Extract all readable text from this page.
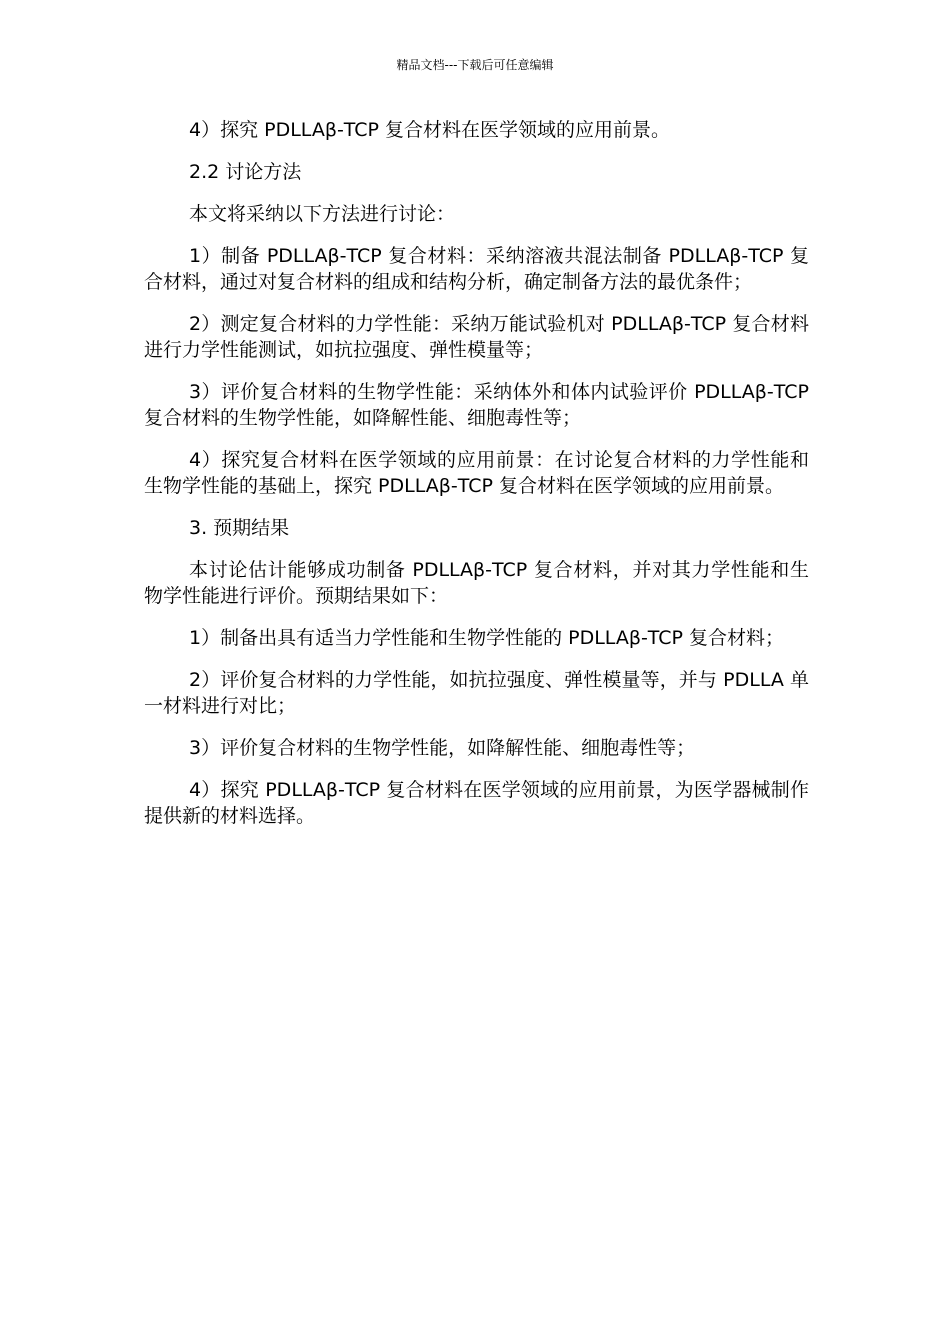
精品文档---下载后可任意编辑

4）探究 PDLLAβ-TCP 复合材料在医学领域的应用前景。

2.2 讨论方法

本文将采纳以下方法进行讨论：

1）制备 PDLLAβ-TCP 复合材料：采纳溶液共混法制备 PDLLAβ-TCP 复合材料，通过对复合材料的组成和结构分析，确定制备方法的最优条件；

2）测定复合材料的力学性能：采纳万能试验机对 PDLLAβ-TCP 复合材料进行力学性能测试，如抗拉强度、弹性模量等；

3）评价复合材料的生物学性能：采纳体外和体内试验评价 PDLLAβ-TCP 复合材料的生物学性能，如降解性能、细胞毒性等；

4）探究复合材料在医学领域的应用前景：在讨论复合材料的力学性能和生物学性能的基础上，探究 PDLLAβ-TCP 复合材料在医学领域的应用前景。

3. 预期结果

本讨论估计能够成功制备 PDLLAβ-TCP 复合材料，并对其力学性能和生物学性能进行评价。预期结果如下：

1）制备出具有适当力学性能和生物学性能的 PDLLAβ-TCP 复合材料；

2）评价复合材料的力学性能，如抗拉强度、弹性模量等，并与 PDLLA 单一材料进行对比；

3）评价复合材料的生物学性能，如降解性能、细胞毒性等；

4）探究 PDLLAβ-TCP 复合材料在医学领域的应用前景，为医学器械制作提供新的材料选择。
